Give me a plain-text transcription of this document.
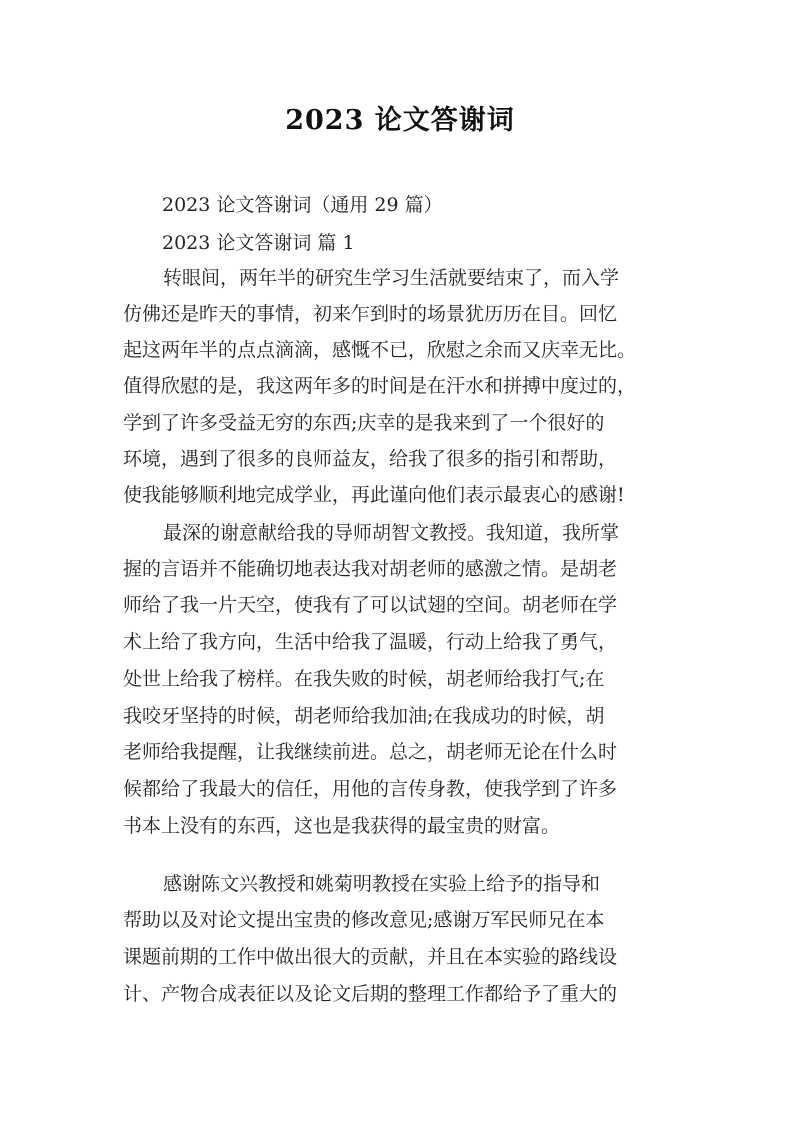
2023 论文答谢词
2023 论文答谢词（通用 29 篇）
2023 论文答谢词 篇 1
转眼间，两年半的研究生学习生活就要结束了，而入学
仿佛还是昨天的事情，初来乍到时的场景犹历历在目。回忆
起这两年半的点点滴滴，感慨不已，欣慰之余而又庆幸无比。
值得欣慰的是，我这两年多的时间是在汗水和拼搏中度过的，
学到了许多受益无穷的东西;庆幸的是我来到了一个很好的
环境，遇到了很多的良师益友，给我了很多的指引和帮助，
使我能够顺利地完成学业，再此谨向他们表示最衷心的感谢!
最深的谢意献给我的导师胡智文教授。我知道，我所掌
握的言语并不能确切地表达我对胡老师的感激之情。是胡老
师给了我一片天空，使我有了可以试翅的空间。胡老师在学
术上给了我方向，生活中给我了温暖，行动上给我了勇气，
处世上给我了榜样。在我失败的时候，胡老师给我打气;在
我咬牙坚持的时候，胡老师给我加油;在我成功的时候，胡
老师给我提醒，让我继续前进。总之，胡老师无论在什么时
候都给了我最大的信任，用他的言传身教，使我学到了许多
书本上没有的东西，这也是我获得的最宝贵的财富。
感谢陈文兴教授和姚菊明教授在实验上给予的指导和
帮助以及对论文提出宝贵的修改意见;感谢万军民师兄在本
课题前期的工作中做出很大的贡献，并且在本实验的路线设
计、产物合成表征以及论文后期的整理工作都给予了重大的
